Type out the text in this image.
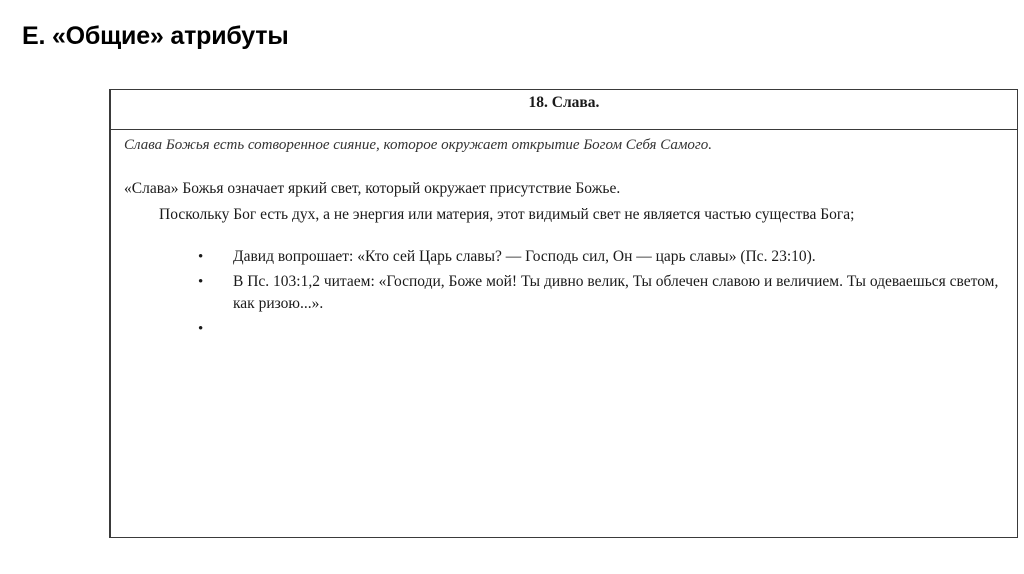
E. «Общие» атрибуты
18. Слава.

Слава Божья есть сотворенное сияние, которое окружает открытие Богом Себя Самого.

«Слава» Божья означает яркий свет, который окружает присутствие Божье.

Поскольку Бог есть дух, а не энергия или материя, этот видимый свет не является частью существа Бога;

• Давид вопрошает: «Кто сей Царь славы? — Господь сил, Он — царь славы» (Пс. 23:10).
• В Пс. 103:1,2 читаем: «Господи, Боже мой! Ты дивно велик, Ты облечен славою и величием. Ты одеваешься светом, как ризою...».
•
